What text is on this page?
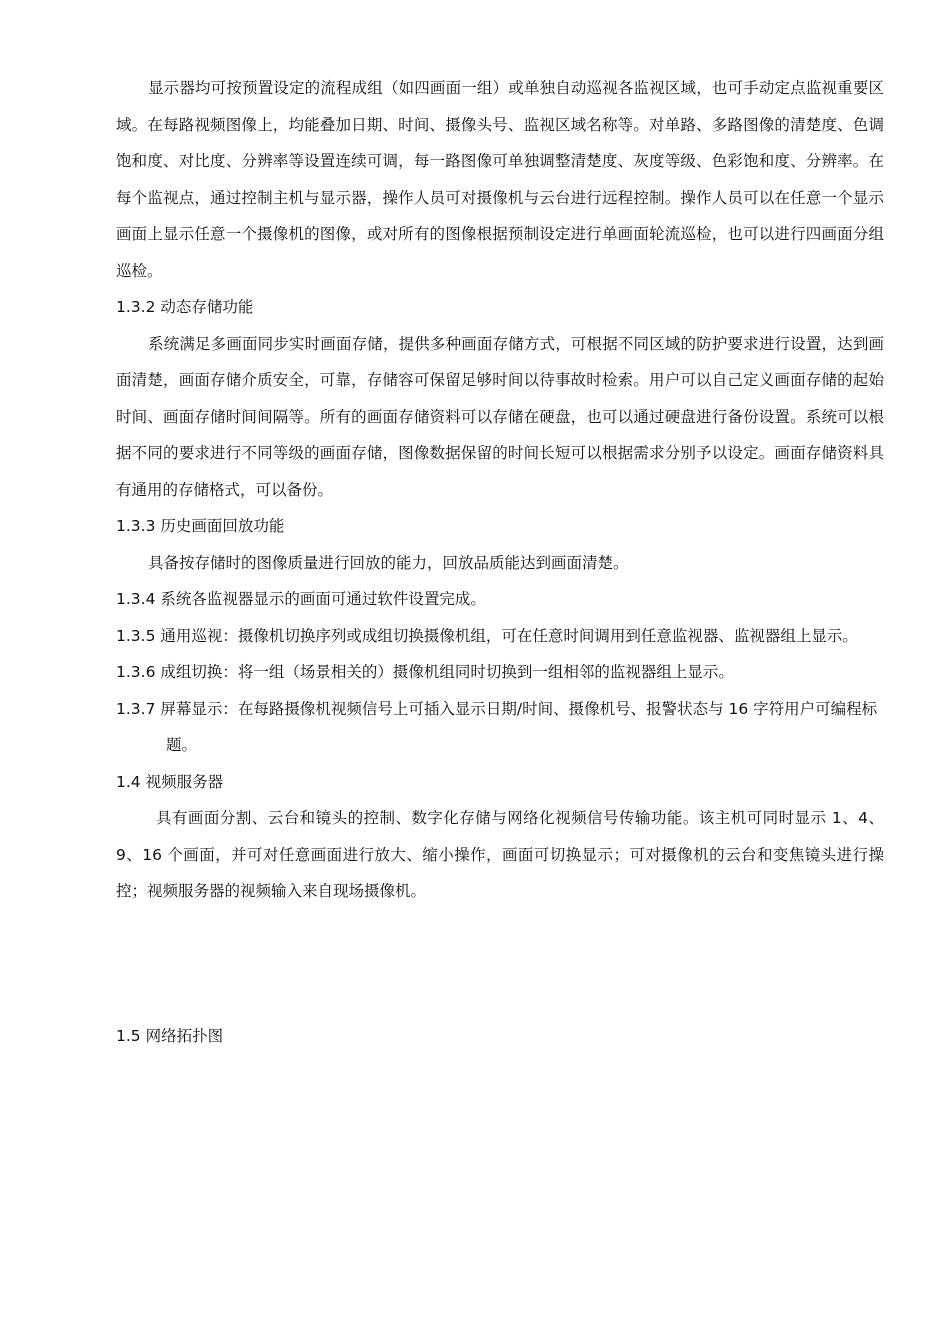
显示器均可按预置设定的流程成组（如四画面一组）或单独自动巡视各监视区域，也可手动定点监视重要区域。在每路视频图像上，均能叠加日期、时间、摄像头号、监视区域名称等。对单路、多路图像的清楚度、色调饱和度、对比度、分辨率等设置连续可调，每一路图像可单独调整清楚度、灰度等级、色彩饱和度、分辨率。在每个监视点，通过控制主机与显示器，操作人员可对摄像机与云台进行远程控制。操作人员可以在任意一个显示画面上显示任意一个摄像机的图像，或对所有的图像根据预制设定进行单画面轮流巡检，也可以进行四画面分组巡检。

1.3.2 动态存储功能

系统满足多画面同步实时画面存储，提供多种画面存储方式，可根据不同区域的防护要求进行设置，达到画面清楚，画面存储介质安全，可靠，存储容可保留足够时间以待事故时检索。用户可以自己定义画面存储的起始时间、画面存储时间间隔等。所有的画面存储资料可以存储在硬盘，也可以通过硬盘进行备份设置。系统可以根据不同的要求进行不同等级的画面存储，图像数据保留的时间长短可以根据需求分别予以设定。画面存储资料具有通用的存储格式，可以备份。

1.3.3 历史画面回放功能

具备按存储时的图像质量进行回放的能力，回放品质能达到画面清楚。

1.3.4 系统各监视器显示的画面可通过软件设置完成。

1.3.5 通用巡视：摄像机切换序列或成组切换摄像机组，可在任意时间调用到任意监视器、监视器组上显示。

1.3.6 成组切换：将一组（场景相关的）摄像机组同时切换到一组相邻的监视器组上显示。

1.3.7 屏幕显示：在每路摄像机视频信号上可插入显示日期/时间、摄像机号、报警状态与 16 字符用户可编程标题。

1.4 视频服务器

具有画面分割、云台和镜头的控制、数字化存储与网络化视频信号传输功能。该主机可同时显示 1、4、9、16 个画面，并可对任意画面进行放大、缩小操作，画面可切换显示；可对摄像机的云台和变焦镜头进行操控；视频服务器的视频输入来自现场摄像机。

1.5 网络拓扑图
